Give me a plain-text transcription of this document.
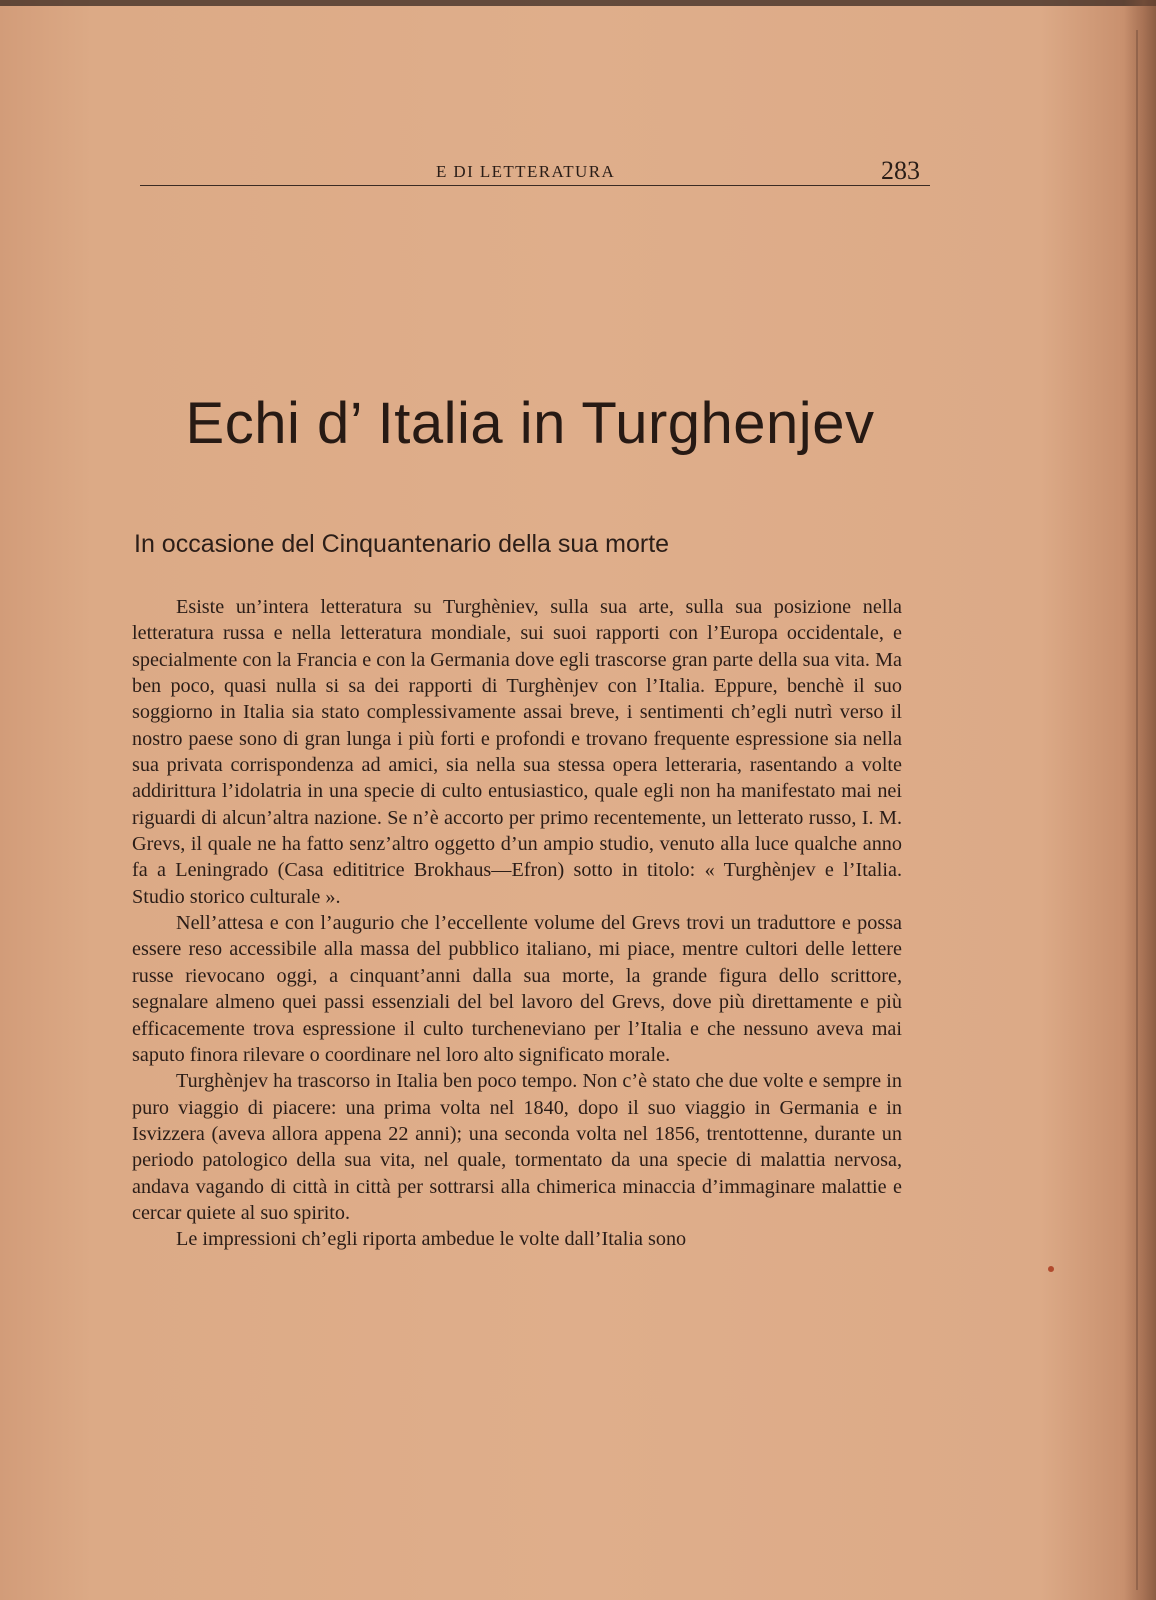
E DI LETTERATURA	283
Echi d’ Italia in Turghenjev
In occasione del Cinquantenario della sua morte

Esiste un’intera letteratura su Turghèniev, sulla sua arte, sulla sua posizione nella letteratura russa e nella letteratura mondiale, sui suoi rapporti con l’Europa occidentale, e specialmente con la Francia e con la Germania dove egli trascorse gran parte della sua vita. Ma ben poco, quasi nulla si sa dei rapporti di Turghènjev con l’Italia. Eppure, benchè il suo soggiorno in Italia sia stato complessivamente assai breve, i sentimenti ch’egli nutrì verso il nostro paese sono di gran lunga i più forti e profondi e trovano frequente espressione sia nella sua privata corrispondenza ad amici, sia nella sua stessa opera letteraria, rasentando a volte addirittura l’idolatria in una specie di culto entusiastico, quale egli non ha manifestato mai nei riguardi di alcun’altra nazione. Se n’è accorto per primo recentemente, un letterato russo, I. M. Grevs, il quale ne ha fatto senz’altro oggetto d’un ampio studio, venuto alla luce qualche anno fa a Leningrado (Casa edititrice Brokhaus—Efron) sotto in titolo: « Turghènjev e l’Italia. Studio storico culturale ».

Nell’attesa e con l’augurio che l’eccellente volume del Grevs trovi un traduttore e possa essere reso accessibile alla massa del pubblico italiano, mi piace, mentre cultori delle lettere russe rievocano oggi, a cinquant’anni dalla sua morte, la grande figura dello scrittore, segnalare almeno quei passi essenziali del bel lavoro del Grevs, dove più direttamente e più efficacemente trova espressione il culto turcheneviano per l’Italia e che nessuno aveva mai saputo finora rilevare o coordinare nel loro alto significato morale.

Turghènjev ha trascorso in Italia ben poco tempo. Non c’è stato che due volte e sempre in puro viaggio di piacere: una prima volta nel 1840, dopo il suo viaggio in Germania e in Isvizzera (aveva allora appena 22 anni); una seconda volta nel 1856, trentottenne, durante un periodo patologico della sua vita, nel quale, tormentato da una specie di malattia nervosa, andava vagando di città in città per sottrarsi alla chimerica minaccia d’immaginare malattie e cercar quiete al suo spirito.

Le impressioni ch’egli riporta ambedue le volte dall’Italia sono
